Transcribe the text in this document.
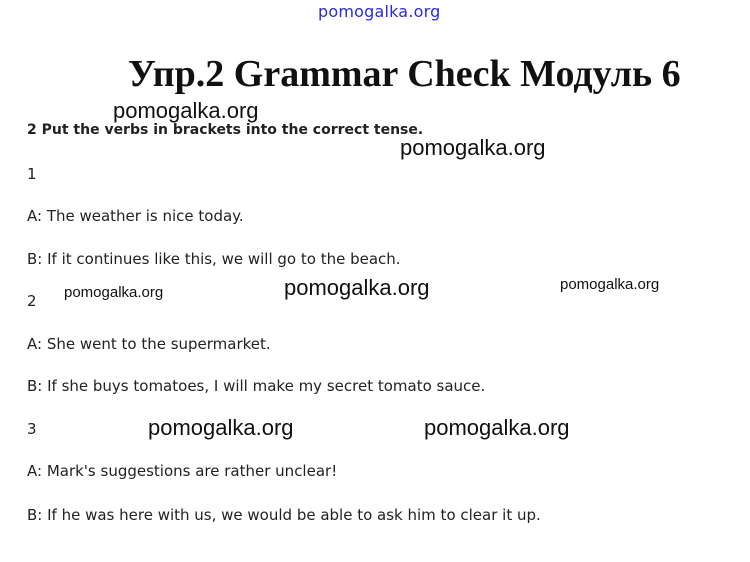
pomogalka.org
Упр.2 Grammar Check Модуль 6
pomogalka.org
pomogalka.org
pomogalka.org	pomogalka.org	pomogalka.org
pomogalka.org	pomogalka.org
2 Put the verbs in brackets into the correct tense.
1
A: The weather is nice today.
B: If it continues like this, we will go to the beach.
2
A: She went to the supermarket.
B: If she buys tomatoes, I will make my secret tomato sauce.
3
A: Mark's suggestions are rather unclear!
B: If he was here with us, we would be able to ask him to clear it up.
